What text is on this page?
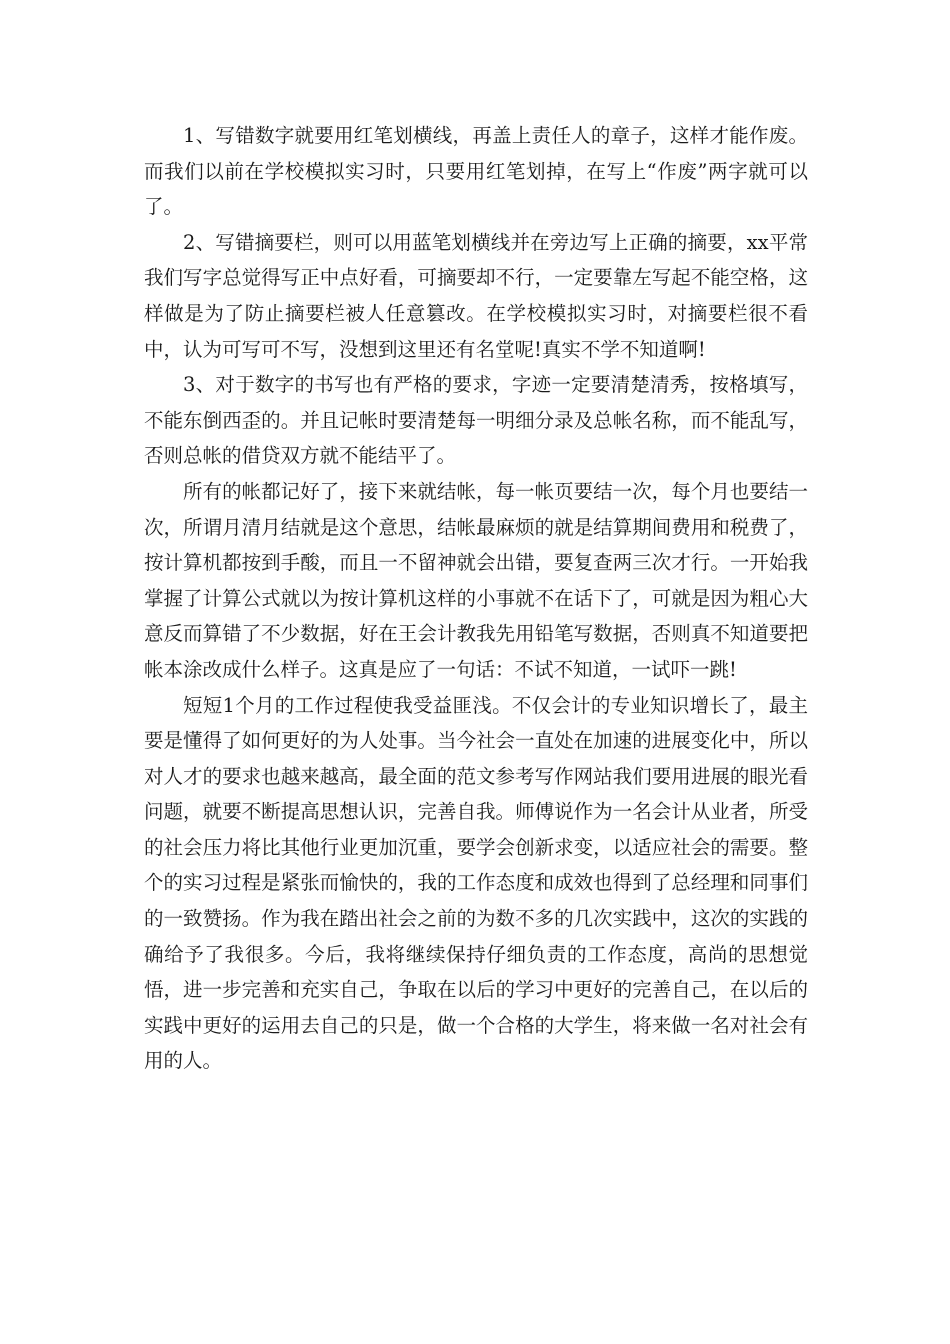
1、写错数字就要用红笔划横线，再盖上责任人的章子，这样才能作废。而我们以前在学校模拟实习时，只要用红笔划掉，在写上“作废”两字就可以了。

2、写错摘要栏，则可以用蓝笔划横线并在旁边写上正确的摘要，xx平常我们写字总觉得写正中点好看，可摘要却不行，一定要靠左写起不能空格，这样做是为了防止摘要栏被人任意篡改。在学校模拟实习时，对摘要栏很不看中，认为可写可不写，没想到这里还有名堂呢!真实不学不知道啊!

3、对于数字的书写也有严格的要求，字迹一定要清楚清秀，按格填写，不能东倒西歪的。并且记帐时要清楚每一明细分录及总帐名称，而不能乱写，否则总帐的借贷双方就不能结平了。

所有的帐都记好了，接下来就结帐，每一帐页要结一次，每个月也要结一次，所谓月清月结就是这个意思，结帐最麻烦的就是结算期间费用和税费了，按计算机都按到手酸，而且一不留神就会出错，要复查两三次才行。一开始我掌握了计算公式就以为按计算机这样的小事就不在话下了，可就是因为粗心大意反而算错了不少数据，好在王会计教我先用铅笔写数据，否则真不知道要把帐本涂改成什么样子。这真是应了一句话：不试不知道，一试吓一跳!

短短1个月的工作过程使我受益匪浅。不仅会计的专业知识增长了，最主要是懂得了如何更好的为人处事。当今社会一直处在加速的进展变化中，所以对人才的要求也越来越高，最全面的范文参考写作网站我们要用进展的眼光看问题，就要不断提高思想认识，完善自我。师傅说作为一名会计从业者，所受的社会压力将比其他行业更加沉重，要学会创新求变，以适应社会的需要。整个的实习过程是紧张而愉快的，我的工作态度和成效也得到了总经理和同事们的一致赞扬。作为我在踏出社会之前的为数不多的几次实践中，这次的实践的确给予了我很多。今后，我将继续保持仔细负责的工作态度，高尚的思想觉悟，进一步完善和充实自己，争取在以后的学习中更好的完善自己，在以后的实践中更好的运用去自己的只是，做一个合格的大学生，将来做一名对社会有用的人。
